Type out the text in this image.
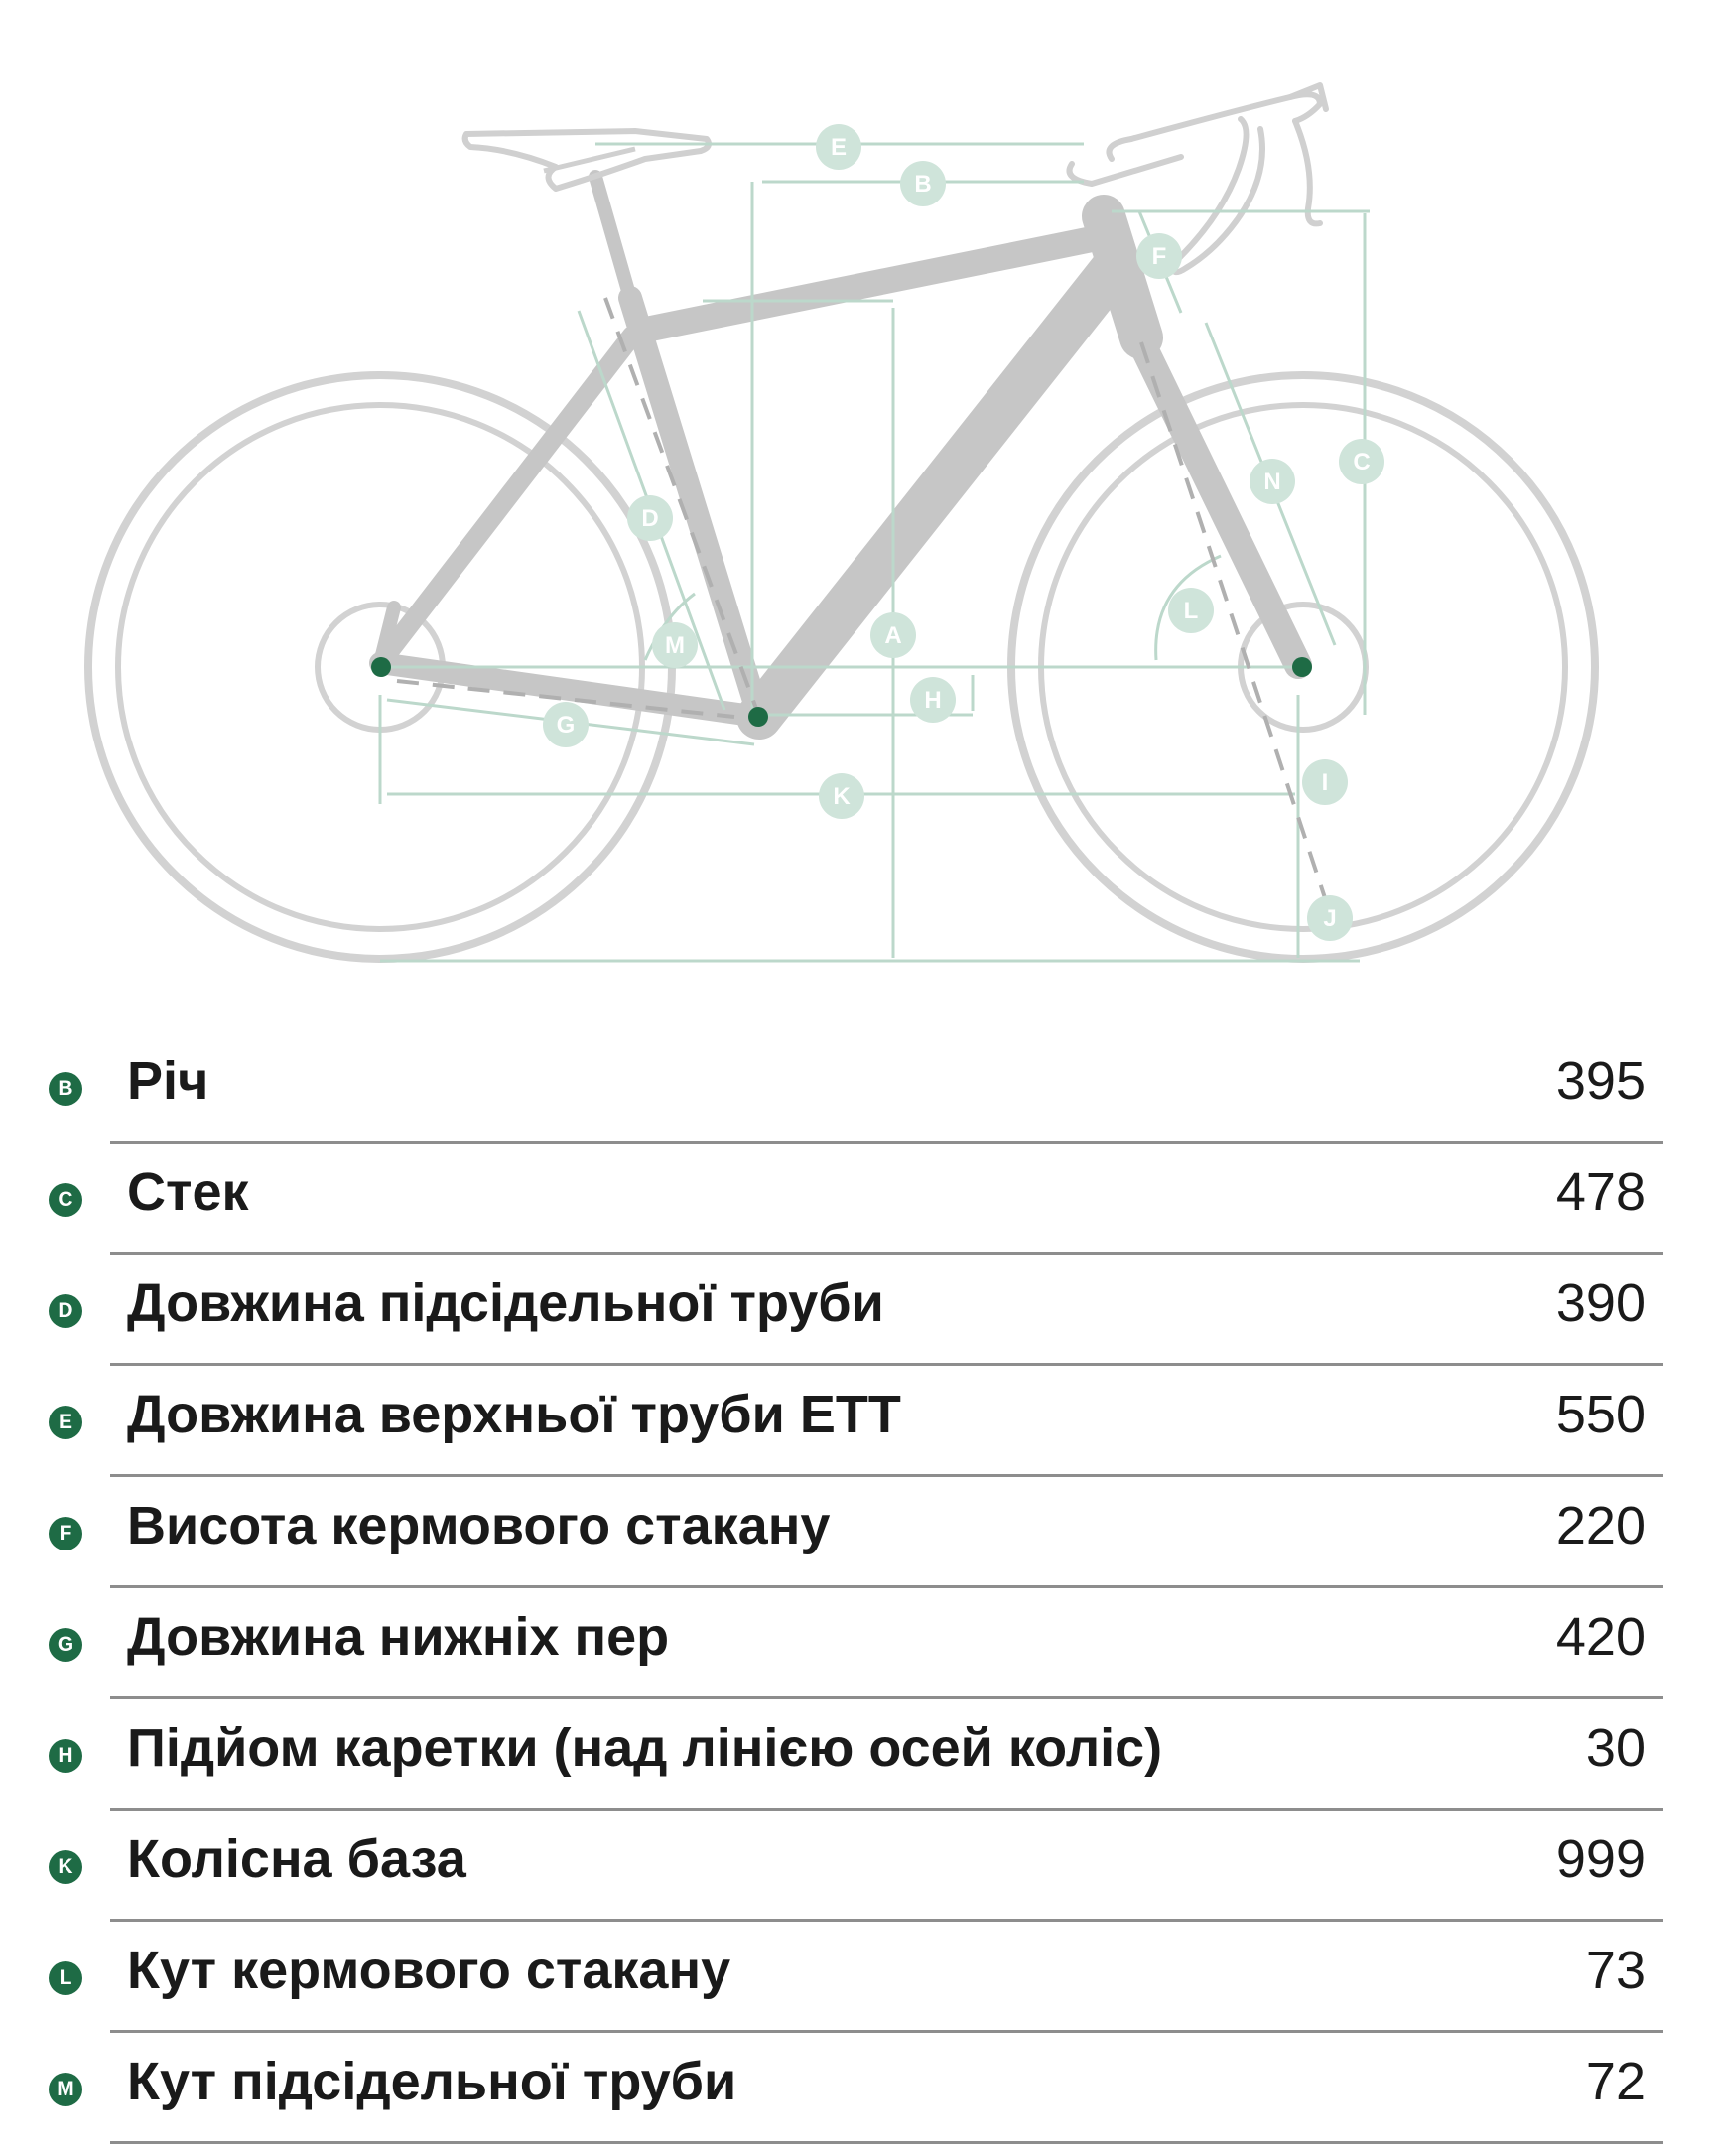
A
B
C
D
E
F
G
H
I
J
K
L
M
N
B Річ	395
C Стек	478
D Довжина підсідельної труби	390
E Довжина верхньої труби ETT	550
F Висота кермового стакану	220
G Довжина нижніх пер	420
H Підйом каретки (над лінією осей коліс)	30
K Колісна база	999
L Кут кермового стакану	73
M Кут підсідельної труби	72
